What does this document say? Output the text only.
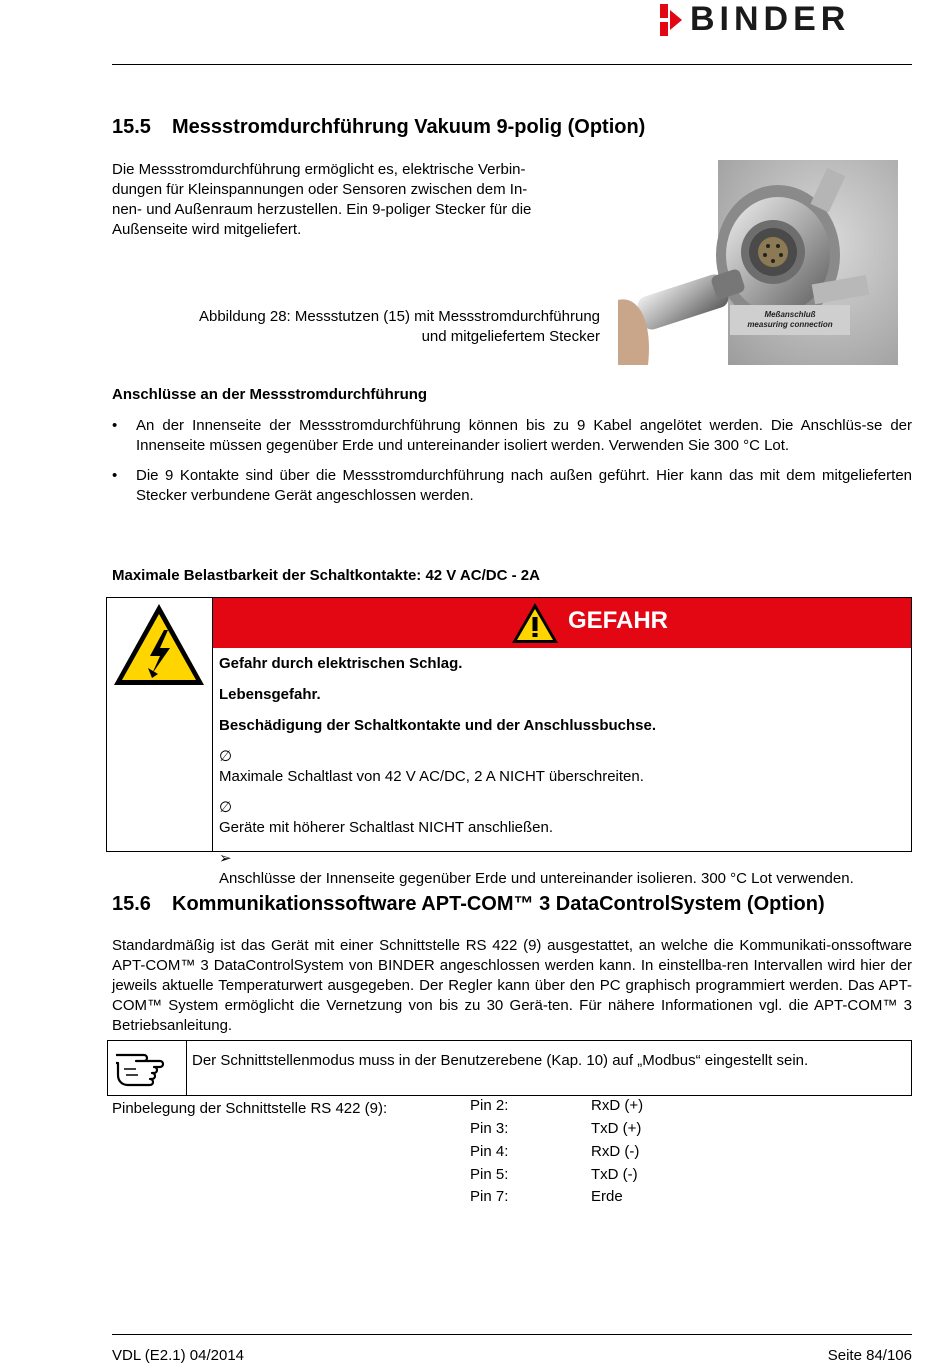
BINDER
15.5 Messstromdurchführung Vakuum 9-polig (Option)

Die Messstromdurchführung ermöglicht es, elektrische Verbin-

dungen für Kleinspannungen oder Sensoren zwischen dem In-

nen- und Außenraum herzustellen. Ein 9-poliger Stecker für die

Außenseite wird mitgeliefert.

Abbildung 28: Messstutzen (15) mit Messstromdurchführung

und mitgeliefertem Stecker

Meßanschluß
measuring connection
Anschlüsse an der Messstromdurchführung
• An der Innenseite der Messstromdurchführung können bis zu 9 Kabel angelötet werden. Die Anschlüs-se der Innenseite müssen gegenüber Erde und untereinander isoliert werden. Verwenden Sie 300 °C Lot.
• Die 9 Kontakte sind über die Messstromdurchführung nach außen geführt. Hier kann das mit dem mitgelieferten Stecker verbundene Gerät angeschlossen werden.
Maximale Belastbarkeit der Schaltkontakte: 42 V AC/DC - 2A
GEFAHR
Gefahr durch elektrischen Schlag.
Lebensgefahr.
Beschädigung der Schaltkontakte und der Anschlussbuchse.
∅Maximale Schaltlast von 42 V AC/DC, 2 A NICHT überschreiten.
∅Geräte mit höherer Schaltlast NICHT anschließen.
➢Anschlüsse der Innenseite gegenüber Erde und untereinander isolieren. 300 °C Lot verwenden.
15.6 Kommunikationssoftware APT-COM™ 3 DataControlSystem (Option)
Standardmäßig ist das Gerät mit einer Schnittstelle RS 422 (9) ausgestattet, an welche die Kommunikati-onssoftware APT-COM™ 3 DataControlSystem von BINDER angeschlossen werden kann. In einstellba-ren Intervallen wird hier der jeweils aktuelle Temperaturwert ausgegeben. Der Regler kann über den PC graphisch programmiert werden. Das APT-COM™ System ermöglicht die Vernetzung von bis zu 30 Gerä-ten. Für nähere Informationen vgl. die APT-COM™ 3 Betriebsanleitung.
Der Schnittstellenmodus muss in der Benutzerebene (Kap. 10) auf „Modbus“ eingestellt sein.
Pinbelegung der Schnittstelle RS 422 (9):	Pin 2:	RxD (+)
Pin 3:	TxD (+)
Pin 4:	RxD (-)
Pin 5:	TxD (-)
Pin 7:	Erde
VDL (E2.1) 04/2014	Seite 84/106
